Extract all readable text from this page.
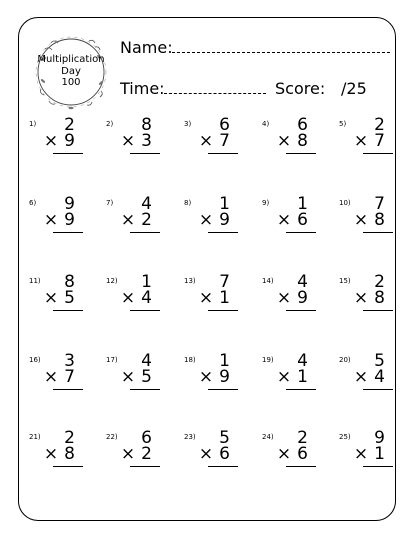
Multiplication
Day
100
Name:
Time:	Score: /25
1) 2
× 9
2) 8
× 3
3) 6
× 7
4) 6
× 8
5) 2
× 7
6) 9
× 9
7) 4
× 2
8) 1
× 9
9) 1
× 6
10) 7
× 8
11) 8
× 5
12) 1
× 4
13) 7
× 1
14) 4
× 9
15) 2
× 8
16) 3
× 7
17) 4
× 5
18) 1
× 9
19) 4
× 1
20) 5
× 4
21) 2
× 8
22) 6
× 2
23) 5
× 6
24) 2
× 6
25) 9
× 1
